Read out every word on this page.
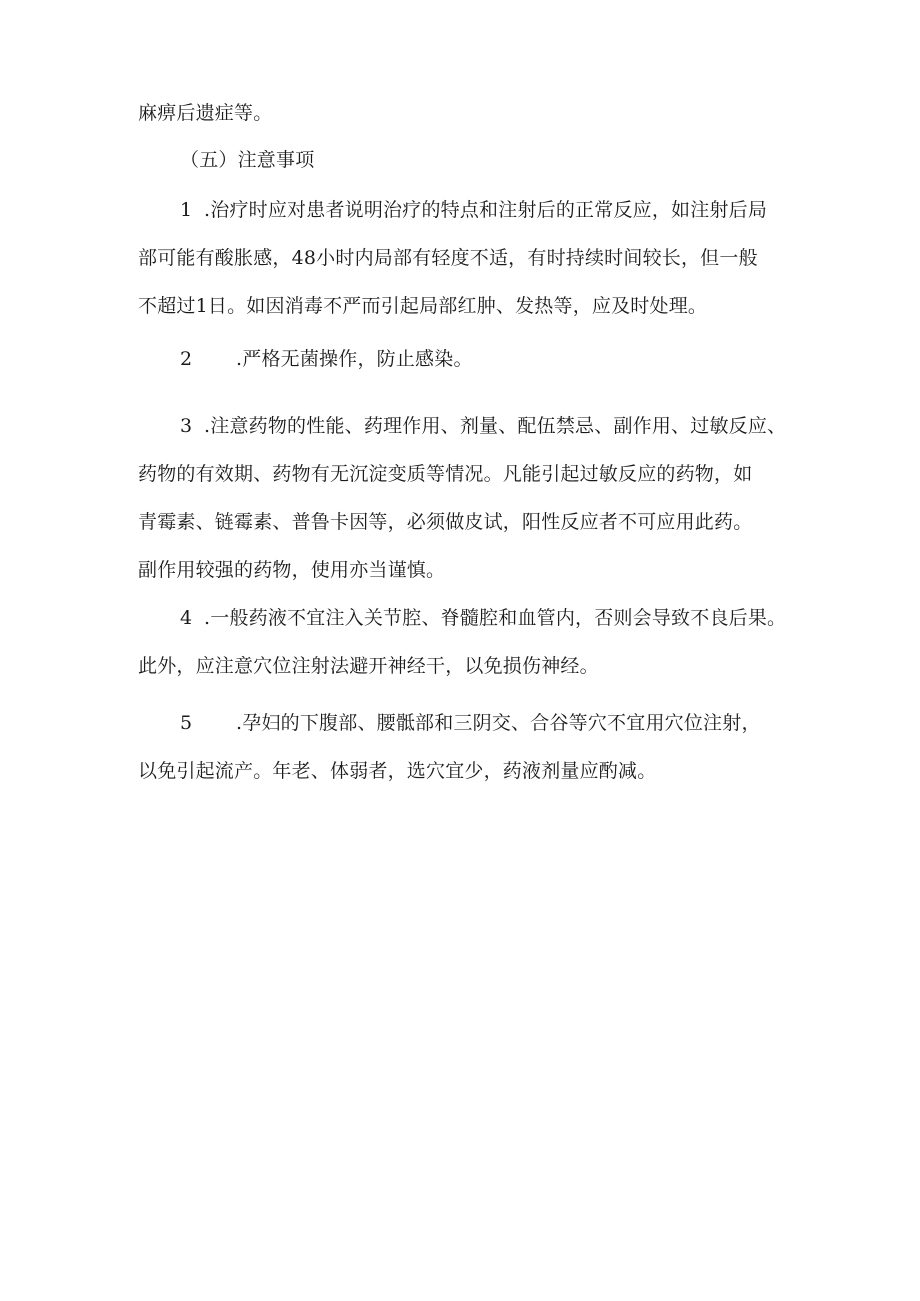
麻痹后遗症等。
（五）注意事项
1 .治疗时应对患者说明治疗的特点和注射后的正常反应，如注射后局
部可能有酸胀感，48小时内局部有轻度不适，有时持续时间较长，但一般
不超过1日。如因消毒不严而引起局部红肿、发热等，应及时处理。
2 .严格无菌操作，防止感染。
3 .注意药物的性能、药理作用、剂量、配伍禁忌、副作用、过敏反应、
药物的有效期、药物有无沉淀变质等情况。凡能引起过敏反应的药物，如
青霉素、链霉素、普鲁卡因等，必须做皮试，阳性反应者不可应用此药。
副作用较强的药物，使用亦当谨慎。
4 .一般药液不宜注入关节腔、脊髓腔和血管内，否则会导致不良后果。
此外，应注意穴位注射法避开神经干，以免损伤神经。
5 .孕妇的下腹部、腰骶部和三阴交、合谷等穴不宜用穴位注射，
以免引起流产。年老、体弱者，选穴宜少，药液剂量应酌减。
